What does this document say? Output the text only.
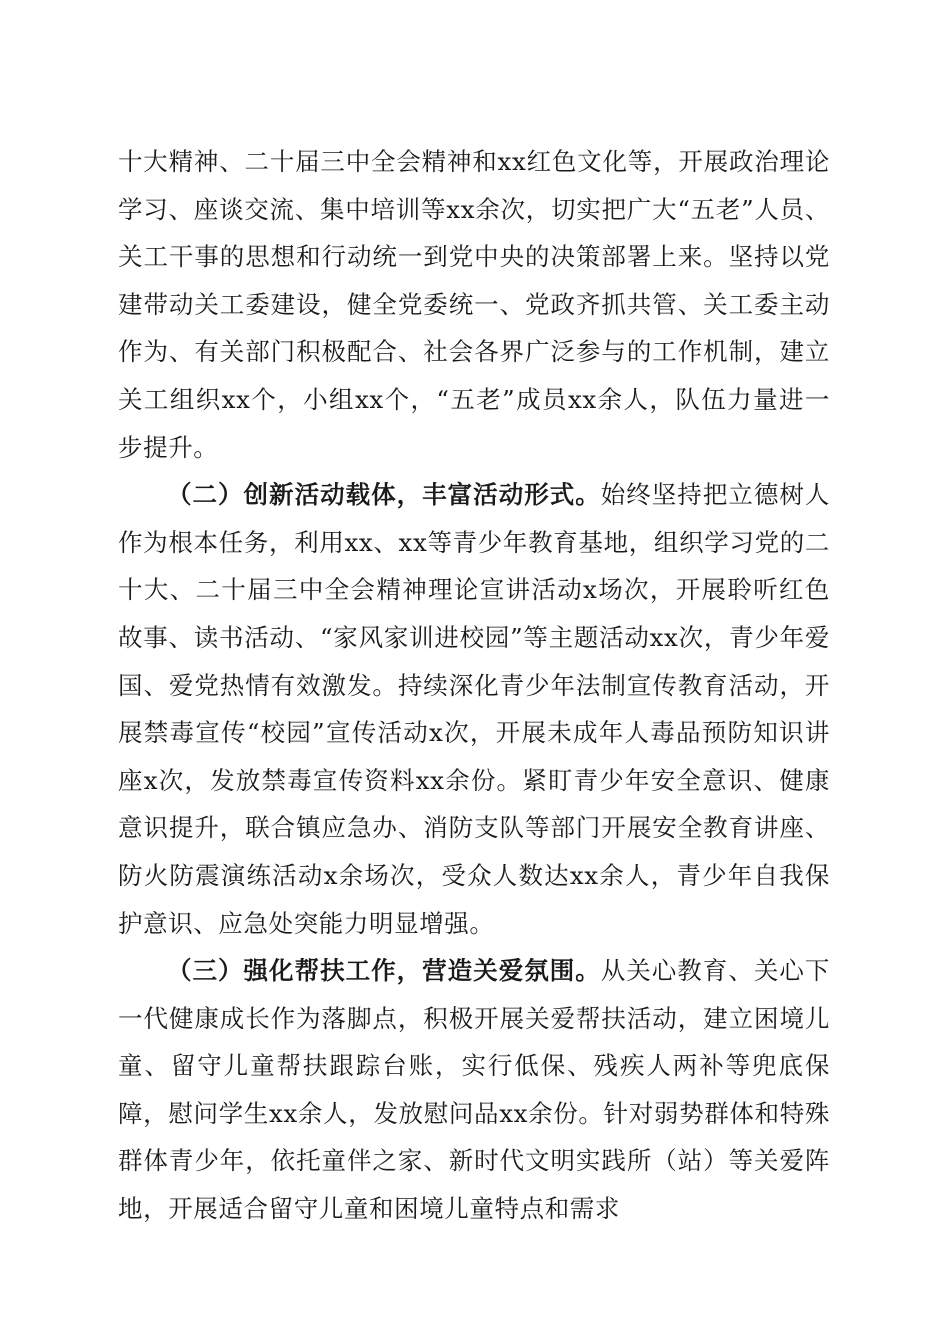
十大精神、二十届三中全会精神和xx红色文化等，开展政治理论学习、座谈交流、集中培训等xx余次，切实把广大“五老”人员、关工干事的思想和行动统一到党中央的决策部署上来。坚持以党建带动关工委建设，健全党委统一、党政齐抓共管、关工委主动作为、有关部门积极配合、社会各界广泛参与的工作机制，建立关工组织xx个，小组xx个，“五老”成员xx余人，队伍力量进一步提升。

（二）创新活动载体，丰富活动形式。始终坚持把立德树人作为根本任务，利用xx、xx等青少年教育基地，组织学习党的二十大、二十届三中全会精神理论宣讲活动x场次，开展聆听红色故事、读书活动、“家风家训进校园”等主题活动xx次，青少年爱国、爱党热情有效激发。持续深化青少年法制宣传教育活动，开展禁毒宣传“校园”宣传活动x次，开展未成年人毒品预防知识讲座x次，发放禁毒宣传资料xx余份。紧盯青少年安全意识、健康意识提升，联合镇应急办、消防支队等部门开展安全教育讲座、防火防震演练活动x余场次，受众人数达xx余人，青少年自我保护意识、应急处突能力明显增强。

（三）强化帮扶工作，营造关爱氛围。从关心教育、关心下一代健康成长作为落脚点，积极开展关爱帮扶活动，建立困境儿童、留守儿童帮扶跟踪台账，实行低保、残疾人两补等兜底保障，慰问学生xx余人，发放慰问品xx余份。针对弱势群体和特殊群体青少年，依托童伴之家、新时代文明实践所（站）等关爱阵地，开展适合留守儿童和困境儿童特点和需求
